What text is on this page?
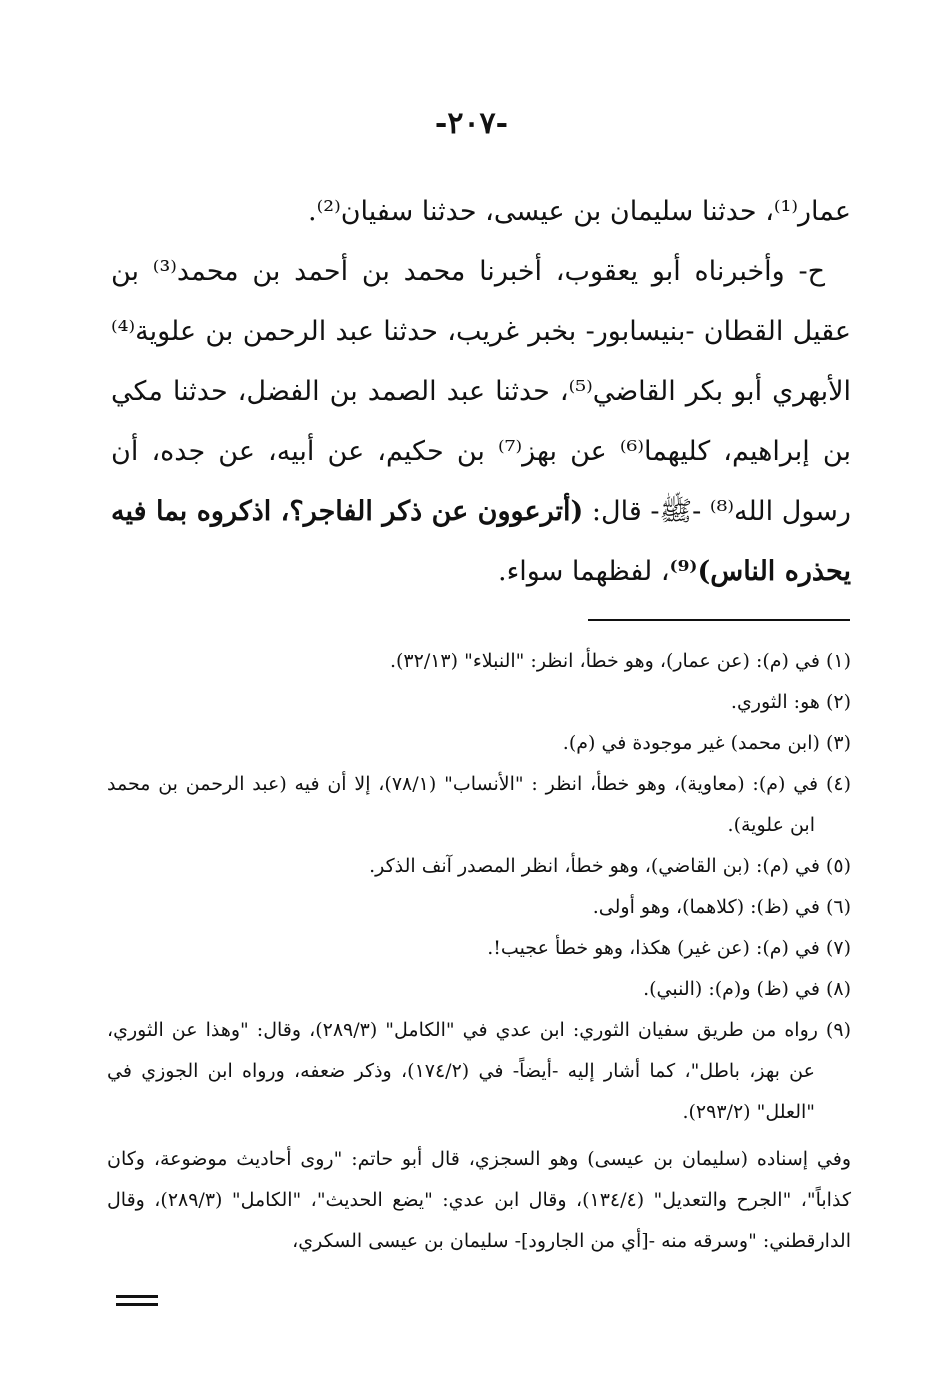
-٢٠٧-

عمار⁽¹⁾، حدثنا سليمان بن عيسى، حدثنا سفيان⁽²⁾.

ح- وأخبرناه أبو يعقوب، أخبرنا محمد بن أحمد بن محمد⁽³⁾ بن عقيل القطان -بنيسابور- بخبر غريب، حدثنا عبد الرحمن بن علوية⁽⁴⁾ الأبهري أبو بكر القاضي⁽⁵⁾، حدثنا عبد الصمد بن الفضل، حدثنا مكي بن إبراهيم، كليهما⁽⁶⁾ عن بهز⁽⁷⁾ بن حكيم، عن أبيه، عن جده، أن رسول الله⁽⁸⁾ -ﷺ- قال: (أترعوون عن ذكر الفاجر؟، اذكروه بما فيه يحذره الناس)⁽⁹⁾، لفظهما سواء.

(١) في (م): (عن عمار)، وهو خطأ، انظر: "النبلاء" (٣٢/١٣).

(٢) هو: الثوري.

(٣) (ابن محمد) غير موجودة في (م).

(٤) في (م): (معاوية)، وهو خطأ، انظر : "الأنساب" (٧٨/١)، إلا أن فيه (عبد الرحمن بن محمد ابن علوية).

(٥) في (م): (بن القاضي)، وهو خطأ، انظر المصدر آنف الذكر.

(٦) في (ظ): (كلاهما)، وهو أولى.

(٧) في (م): (عن غير) هكذا، وهو خطأ عجيب!.

(٨) في (ظ) و(م): (النبي).

(٩) رواه من طريق سفيان الثوري: ابن عدي في "الكامل" (٢٨٩/٣)، وقال: "وهذا عن الثوري، عن بهز، باطل"، كما أشار إليه -أيضاً- في (١٧٤/٢)، وذكر ضعفه، ورواه ابن الجوزي في "العلل" (٢٩٣/٢).

وفي إسناده (سليمان بن عيسى) وهو السجزي، قال أبو حاتم: "روى أحاديث موضوعة، وكان كذاباً"، "الجرح والتعديل" (١٣٤/٤)، وقال ابن عدي: "يضع الحديث"، "الكامل" (٢٨٩/٣)، وقال الدارقطني: "وسرقه منه -[أي من الجارود]- سليمان بن عيسى السكري،
